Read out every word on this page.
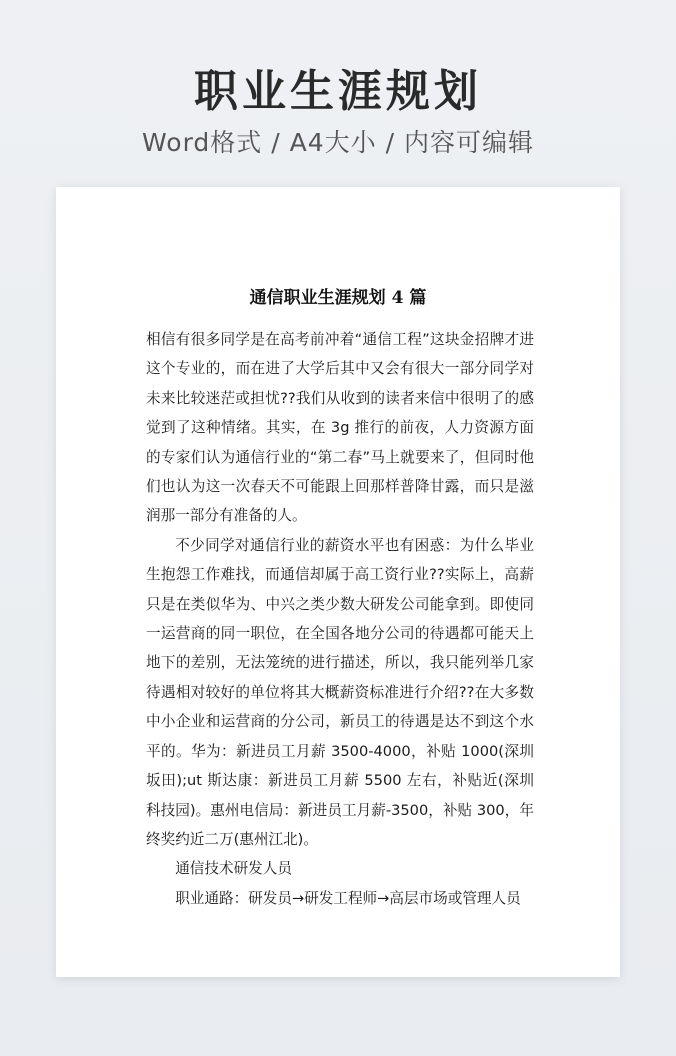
职业生涯规划
Word格式 / A4大小 / 内容可编辑
通信职业生涯规划 4 篇

相信有很多同学是在高考前冲着“通信工程”这块金招牌才进这个专业的，而在进了大学后其中又会有很大一部分同学对未来比较迷茫或担忧??我们从收到的读者来信中很明了的感觉到了这种情绪。其实，在 3g 推行的前夜，人力资源方面的专家们认为通信行业的“第二春”马上就要来了，但同时他们也认为这一次春天不可能跟上回那样普降甘露，而只是滋润那一部分有准备的人。

不少同学对通信行业的薪资水平也有困惑：为什么毕业生抱怨工作难找，而通信却属于高工资行业??实际上，高薪只是在类似华为、中兴之类少数大研发公司能拿到。即使同一运营商的同一职位，在全国各地分公司的待遇都可能天上地下的差别，无法笼统的进行描述，所以，我只能列举几家待遇相对较好的单位将其大概薪资标准进行介绍??在大多数中小企业和运营商的分公司，新员工的待遇是达不到这个水平的。华为：新进员工月薪 3500-4000，补贴 1000(深圳坂田);ut 斯达康：新进员工月薪 5500 左右，补贴近(深圳科技园)。惠州电信局：新进员工月薪-3500，补贴 300，年终奖约近二万(惠州江北)。

通信技术研发人员

职业通路：研发员→研发工程师→高层市场或管理人员
